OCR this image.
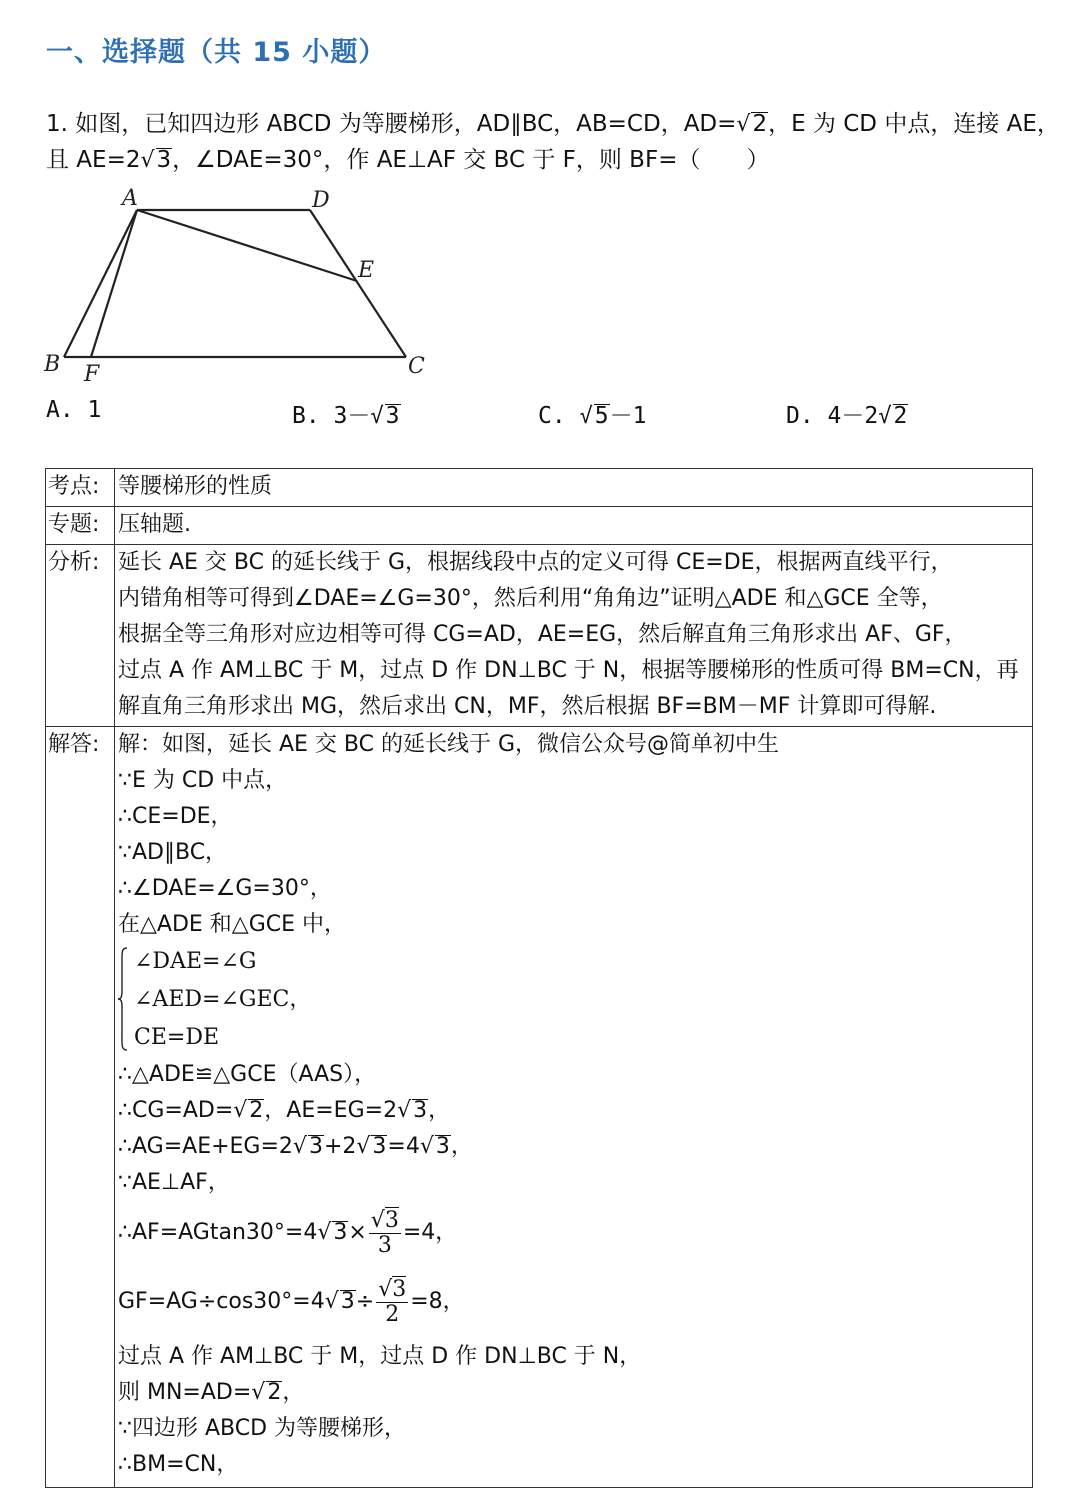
一、选择题（共 15 小题）
1. 如图，已知四边形 ABCD 为等腰梯形，AD∥BC，AB=CD，AD=√2，E 为 CD 中点，连接 AE，
且 AE=2√3，∠DAE=30°，作 AE⊥AF 交 BC 于 F，则 BF=（　　）
A	D
E
B F	C
A. 1	B. 3－√3	C. √5－1	D. 4－2√2
考点: 等腰梯形的性质
专题: 压轴题.
分析: 延长 AE 交 BC 的延长线于 G，根据线段中点的定义可得 CE=DE，根据两直线平行，
内错角相等可得到∠DAE=∠G=30°，然后利用“角角边”证明△ADE 和△GCE 全等，
根据全等三角形对应边相等可得 CG=AD，AE=EG，然后解直角三角形求出 AF、GF，
过点 A 作 AM⊥BC 于 M，过点 D 作 DN⊥BC 于 N，根据等腰梯形的性质可得 BM=CN，再
解直角三角形求出 MG，然后求出 CN，MF，然后根据 BF=BM－MF 计算即可得解.
解答: 解：如图，延长 AE 交 BC 的延长线于 G，微信公众号@简单初中生
∵E 为 CD 中点，
∴CE=DE，
∵AD∥BC，
∴∠DAE=∠G=30°，
在△ADE 和△GCE 中，
∠DAE=∠G
∠AED=∠GEC，
CE=DE
∴△ADE≌△GCE（AAS），
∴CG=AD=√2，AE=EG=2√3，
∴AG=AE+EG=2√3+2√3=4√3，
∵AE⊥AF，
∴AF=AGtan30°=4√3× $\frac{√3}{3} =4$，
$GF=AG\div\cos 30^\circ=4√3\div \frac{√3}{2} =8$，
过点 A 作 AM⊥BC 于 M，过点 D 作 DN⊥BC 于 N，
则 MN=AD=√2，
∵四边形 ABCD 为等腰梯形，
∴BM=CN，
